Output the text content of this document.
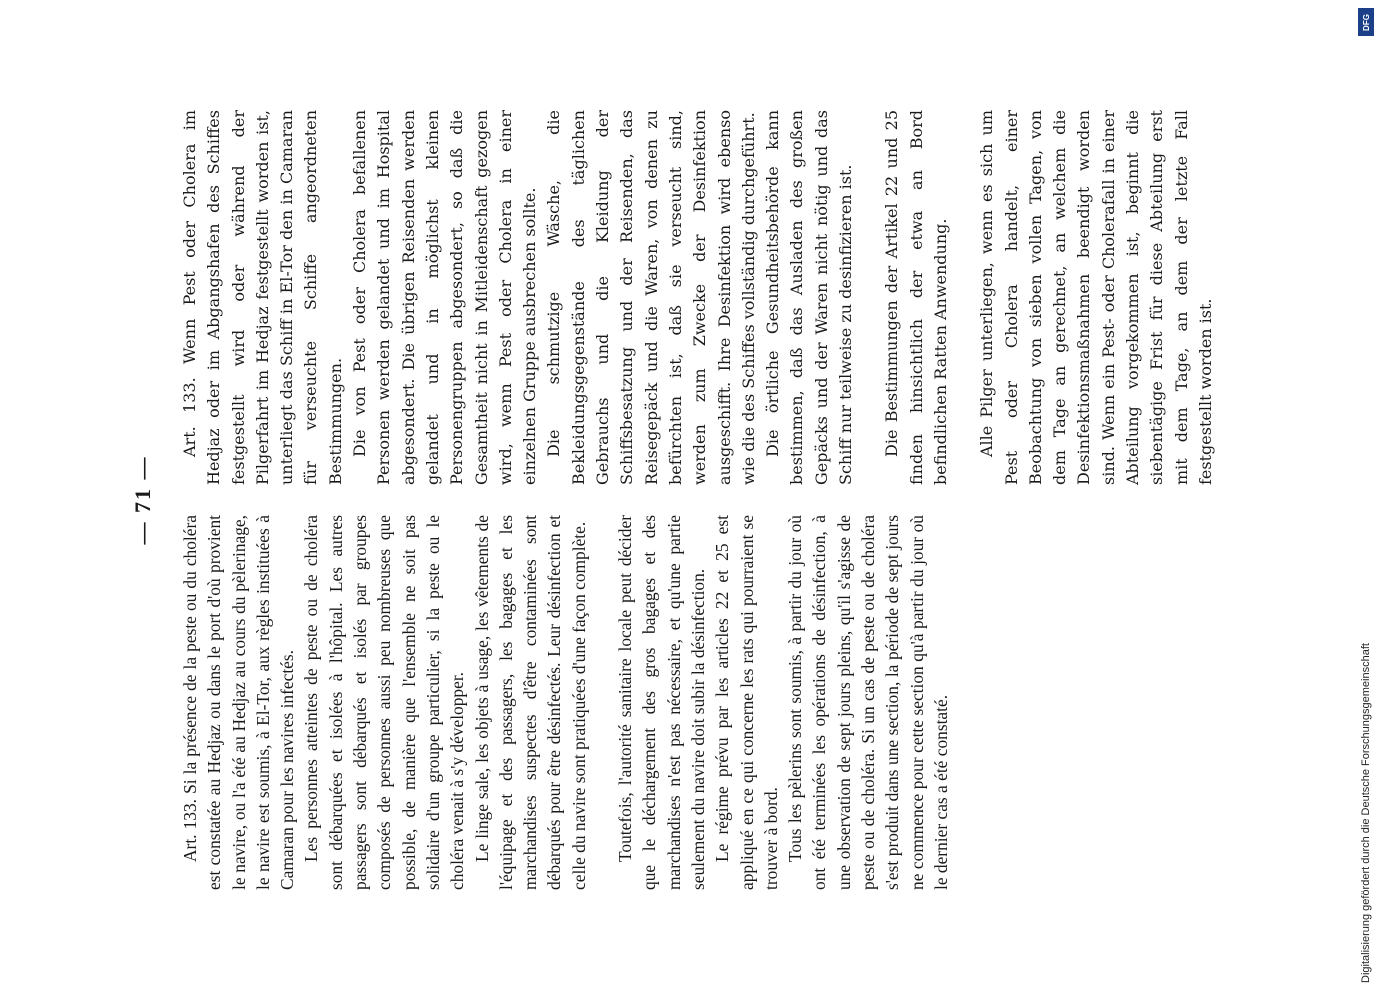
— 71 —

Art. 133. Si la présence de la peste ou du choléra est constatée au Hedjaz ou dans le port d'où provient le navire, ou l'a été au Hedjaz au cours du pèlerinage, le navire est soumis, à El-Tor, aux règles instituées à Camaran pour les navires infectés. Les personnes atteintes de peste ou de choléra sont débarquées et isolées à l'hôpital. Les autres passagers sont débarqués et isolés par groupes composés de personnes aussi peu nombreuses que possible, de manière que l'ensemble ne soit pas solidaire d'un groupe particulier, si la peste ou le choléra venait à s'y développer. Le linge sale, les objets à usage, les vêtements de l'équipage et des passagers, les bagages et les marchandises suspectes d'être contaminées sont débarqués pour être désinfectés. Leur désinfection et celle du navire sont pratiquées d'une façon complète. Toutefois, l'autorité sanitaire locale peut décider que le déchargement des gros bagages et des marchandises n'est pas nécessaire, et qu'une partie seulement du navire doit subir la désinfection. Le régime prévu par les articles 22 et 25 est appliqué en ce qui concerne les rats qui pourraient se trouver à bord. Tous les pèlerins sont soumis, à partir du jour où ont été terminées les opérations de désinfection, à une observation de sept jours pleins, qu'il s'agisse de peste ou de choléra. Si un cas de peste ou de choléra s'est produit dans une section, la période de sept jours ne commence pour cette section qu'à partir du jour où le dernier cas a été constaté.

Art. 133. Wenn Pest oder Cholera im Hedjaz oder im Abgangshafen des Schiffes festgestellt wird oder während der Pilgerfahrt im Hedjaz festgestellt worden ist, unterliegt das Schiff in El-Tor den in Camaran für verseuchte Schiffe angeordneten Bestimmungen. Die von Pest oder Cholera befallenen Personen werden gelandet und im Hospital abgesondert. Die übrigen Reisenden werden gelandet und in möglichst kleinen Personengruppen abgesondert, so daß die Gesamtheit nicht in Mitleidenschaft gezogen wird, wenn Pest oder Cholera in einer einzelnen Gruppe ausbrechen sollte. Die schmutzige Wäsche, die Bekleidungsgegenstände des täglichen Gebrauchs und die Kleidung der Schiffsbesatzung und der Reisenden, das Reisegepäck und die Waren, von denen zu befürchten ist, daß sie verseucht sind, werden zum Zwecke der Desinfektion ausgeschifft. Ihre Desinfektion wird ebenso wie die des Schiffes vollständig durchgeführt. Die örtliche Gesundheitsbehörde kann bestimmen, daß das Ausladen des großen Gepäcks und der Waren nicht nötig und das Schiff nur teilweise zu desinfizieren ist. Die Bestimmungen der Artikel 22 und 25 finden hinsichtlich der etwa an Bord befindlichen Ratten Anwendung. Alle Pilger unterliegen, wenn es sich um Pest oder Cholera handelt, einer Beobachtung von sieben vollen Tagen, von dem Tage an gerechnet, an welchem die Desinfektionsmaßnahmen beendigt worden sind. Wenn ein Pest- oder Cholerafall in einer Abteilung vorgekommen ist, beginnt die siebentägige Frist für diese Abteilung erst mit dem Tage, an dem der letzte Fall festgestellt worden ist.

Digitalisierung gefördert durch die Deutsche Forschungsgemeinschaft
DFG
